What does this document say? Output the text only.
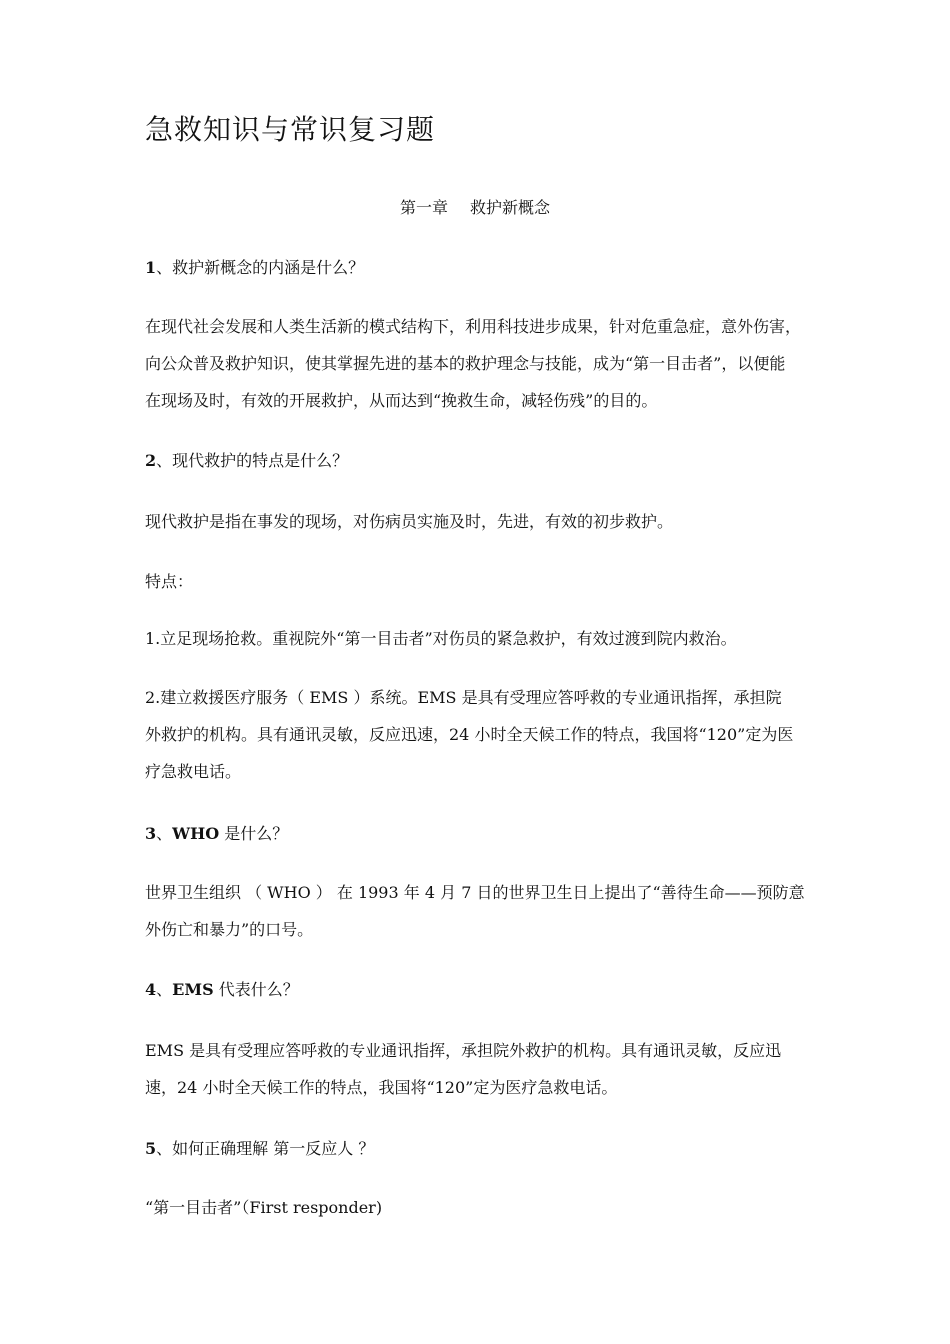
急救知识与常识复习题
第一章 救护新概念
1、救护新概念的内涵是什么？
在现代社会发展和人类生活新的模式结构下，利用科技进步成果，针对危重急症，意外伤害，
向公众普及救护知识，使其掌握先进的基本的救护理念与技能，成为“第一目击者”，以便能
在现场及时，有效的开展救护，从而达到“挽救生命，减轻伤残”的目的。
2、现代救护的特点是什么？
现代救护是指在事发的现场，对伤病员实施及时，先进，有效的初步救护。
特点：
1.立足现场抢救。重视院外“第一目击者”对伤员的紧急救护，有效过渡到院内救治。
2.建立救援医疗服务（ EMS ）系统。EMS 是具有受理应答呼救的专业通讯指挥，承担院
外救护的机构。具有通讯灵敏，反应迅速，24 小时全天候工作的特点，我国将“120”定为医
疗急救电话。
3、WHO 是什么？
世界卫生组织 （ WHO ） 在 1993 年 4 月 7 日的世界卫生日上提出了“善待生命——预防意
外伤亡和暴力”的口号。
4、EMS 代表什么？
EMS 是具有受理应答呼救的专业通讯指挥，承担院外救护的机构。具有通讯灵敏，反应迅
速，24 小时全天候工作的特点，我国将“120”定为医疗急救电话。
5、如何正确理解 第一反应人 ？
“第一目击者”（First responder)
